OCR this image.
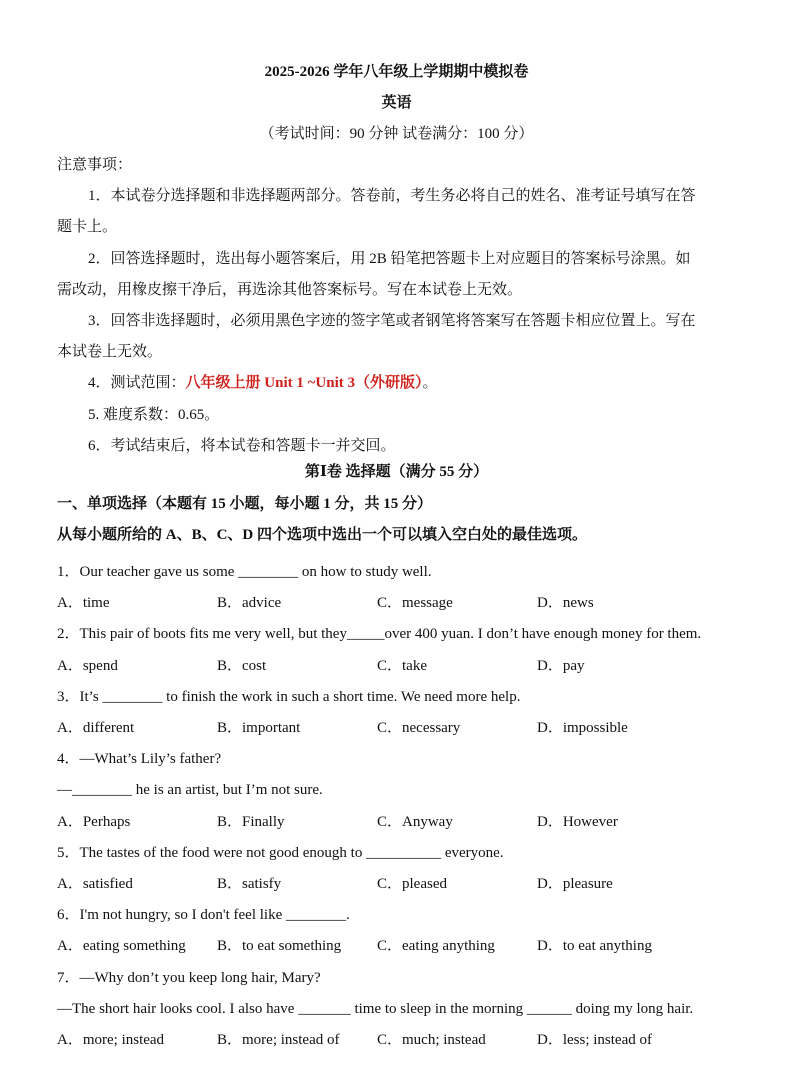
2025-2026 学年八年级上学期期中模拟卷
英语
（考试时间：90 分钟 试卷满分：100 分）
注意事项：
1．本试卷分选择题和非选择题两部分。答卷前，考生务必将自己的姓名、准考证号填写在答
题卡上。
2．回答选择题时，选出每小题答案后，用 2B 铅笔把答题卡上对应题目的答案标号涂黑。如
需改动，用橡皮擦干净后，再选涂其他答案标号。写在本试卷上无效。
3．回答非选择题时，必须用黑色字迹的签字笔或者钢笔将答案写在答题卡相应位置上。写在
本试卷上无效。
4．测试范围：八年级上册 Unit 1 ~Unit 3（外研版）。
5. 难度系数：0.65。
6．考试结束后，将本试卷和答题卡一并交回。
第Ⅰ卷 选择题（满分 55 分）
一、单项选择（本题有 15 小题，每小题 1 分，共 15 分）
从每小题所给的 A、B、C、D 四个选项中选出一个可以填入空白处的最佳选项。
1．Our teacher gave us some ________ on how to study well.
A．time	B．advice	C．message	D．news
2．This pair of boots fits me very well, but they_____over 400 yuan. I don’t have enough money for them.
A．spend	B．cost	C．take	D．pay
3．It’s ________ to finish the work in such a short time. We need more help.
A．different	B．important	C．necessary	D．impossible
4．—What’s Lily’s father?
—________ he is an artist, but I’m not sure.
A．Perhaps	B．Finally	C．Anyway	D．However
5．The tastes of the food were not good enough to __________ everyone.
A．satisfied	B．satisfy	C．pleased	D．pleasure
6．I'm not hungry, so I don't feel like ________.
A．eating something B．to eat something C．eating anything	D．to eat anything
7．—Why don’t you keep long hair, Mary?
—The short hair looks cool. I also have _______ time to sleep in the morning ______ doing my long hair.
A．more; instead	B．more; instead of	C．much; instead	D．less; instead of
